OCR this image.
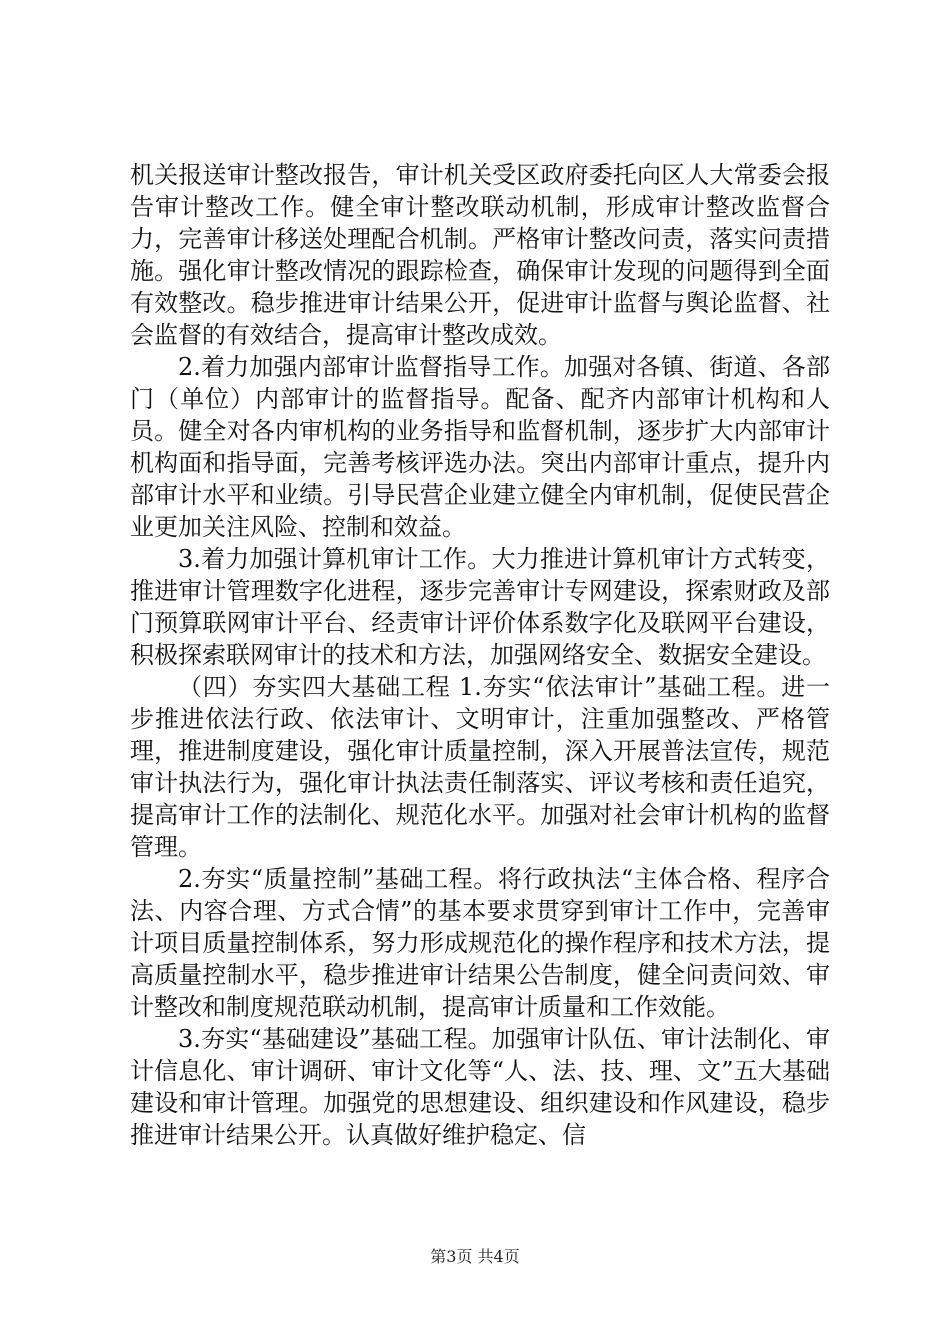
机关报送审计整改报告，审计机关受区政府委托向区人大常委会报告审计整改工作。健全审计整改联动机制，形成审计整改监督合力，完善审计移送处理配合机制。严格审计整改问责，落实问责措施。强化审计整改情况的跟踪检查，确保审计发现的问题得到全面有效整改。稳步推进审计结果公开，促进审计监督与舆论监督、社会监督的有效结合，提高审计整改成效。

2.着力加强内部审计监督指导工作。加强对各镇、街道、各部门（单位）内部审计的监督指导。配备、配齐内部审计机构和人员。健全对各内审机构的业务指导和监督机制，逐步扩大内部审计机构面和指导面，完善考核评选办法。突出内部审计重点，提升内部审计水平和业绩。引导民营企业建立健全内审机制，促使民营企业更加关注风险、控制和效益。

3.着力加强计算机审计工作。大力推进计算机审计方式转变，推进审计管理数字化进程，逐步完善审计专网建设，探索财政及部门预算联网审计平台、经责审计评价体系数字化及联网平台建设，积极探索联网审计的技术和方法，加强网络安全、数据安全建设。

（四）夯实四大基础工程 1.夯实“依法审计”基础工程。进一步推进依法行政、依法审计、文明审计，注重加强整改、严格管理，推进制度建设，强化审计质量控制，深入开展普法宣传，规范审计执法行为，强化审计执法责任制落实、评议考核和责任追究，提高审计工作的法制化、规范化水平。加强对社会审计机构的监督管理。

2.夯实“质量控制”基础工程。将行政执法“主体合格、程序合法、内容合理、方式合情”的基本要求贯穿到审计工作中，完善审计项目质量控制体系，努力形成规范化的操作程序和技术方法，提高质量控制水平，稳步推进审计结果公告制度，健全问责问效、审计整改和制度规范联动机制，提高审计质量和工作效能。

3.夯实“基础建设”基础工程。加强审计队伍、审计法制化、审计信息化、审计调研、审计文化等“人、法、技、理、文”五大基础建设和审计管理。加强党的思想建设、组织建设和作风建设，稳步推进审计结果公开。认真做好维护稳定、信

第3页 共4页
